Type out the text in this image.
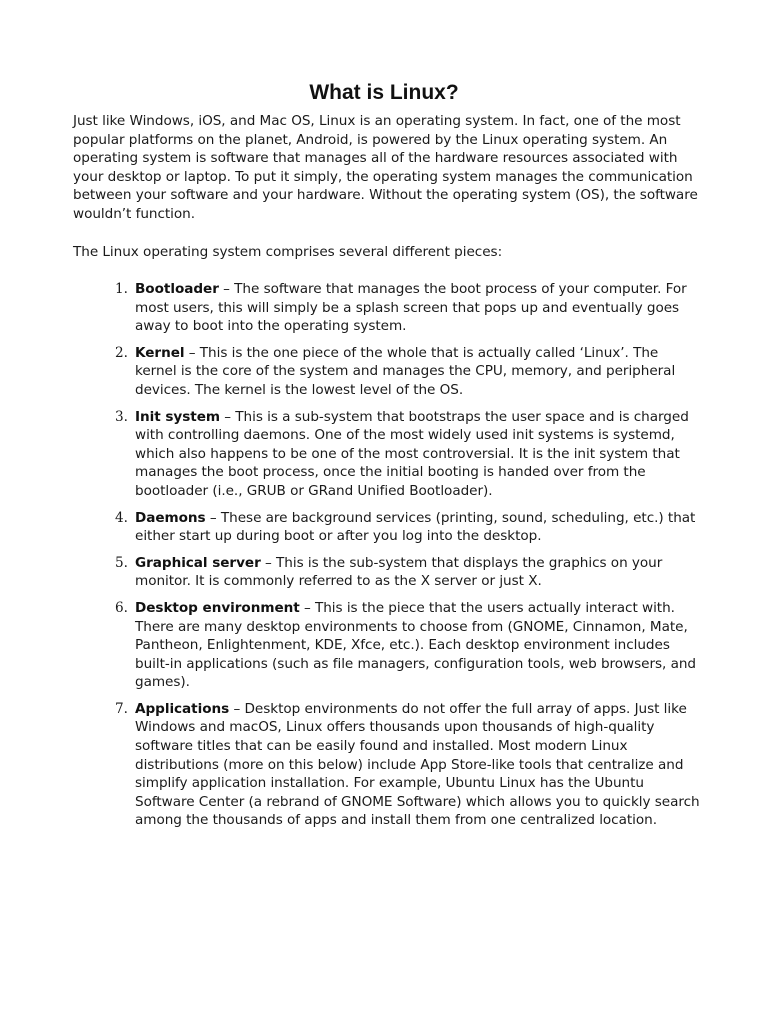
What is Linux?

Just like Windows, iOS, and Mac OS, Linux is an operating system. In fact, one of the most popular platforms on the planet, Android, is powered by the Linux operating system. An operating system is software that manages all of the hardware resources associated with your desktop or laptop. To put it simply, the operating system manages the communication between your software and your hardware. Without the operating system (OS), the software wouldn’t function.

The Linux operating system comprises several different pieces:

1. Bootloader – The software that manages the boot process of your computer. For most users, this will simply be a splash screen that pops up and eventually goes away to boot into the operating system.
2. Kernel – This is the one piece of the whole that is actually called ‘Linux’. The kernel is the core of the system and manages the CPU, memory, and peripheral devices. The kernel is the lowest level of the OS.
3. Init system – This is a sub-system that bootstraps the user space and is charged with controlling daemons. One of the most widely used init systems is systemd, which also happens to be one of the most controversial. It is the init system that manages the boot process, once the initial booting is handed over from the bootloader (i.e., GRUB or GRand Unified Bootloader).
4. Daemons – These are background services (printing, sound, scheduling, etc.) that either start up during boot or after you log into the desktop.
5. Graphical server – This is the sub-system that displays the graphics on your monitor. It is commonly referred to as the X server or just X.
6. Desktop environment – This is the piece that the users actually interact with. There are many desktop environments to choose from (GNOME, Cinnamon, Mate, Pantheon, Enlightenment, KDE, Xfce, etc.). Each desktop environment includes built-in applications (such as file managers, configuration tools, web browsers, and games).
7. Applications – Desktop environments do not offer the full array of apps. Just like Windows and macOS, Linux offers thousands upon thousands of high-quality software titles that can be easily found and installed. Most modern Linux distributions (more on this below) include App Store-like tools that centralize and simplify application installation. For example, Ubuntu Linux has the Ubuntu Software Center (a rebrand of GNOME Software) which allows you to quickly search among the thousands of apps and install them from one centralized location.
